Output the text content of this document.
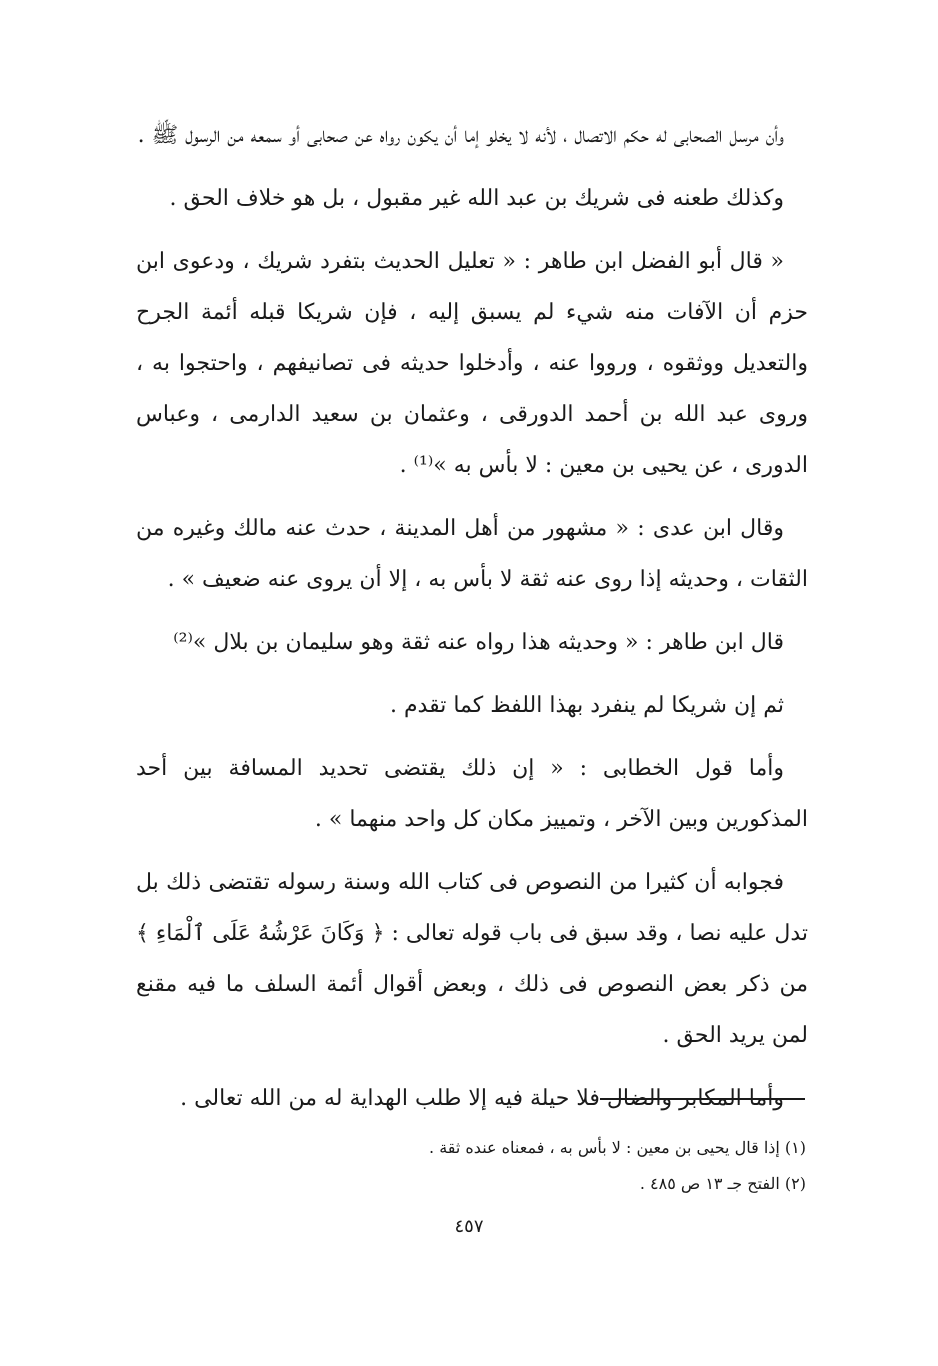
وأن مرسل الصحابى له حكم الاتصال ، لأنه لا يخلو إما أن يكون رواه عن صحابى أو سمعه من الرسول ﷺ .

وكذلك طعنه فى شريك بن عبد الله غير مقبول ، بل هو خلاف الحق .

« قال أبو الفضل ابن طاهر : « تعليل الحديث بتفرد شريك ، ودعوى ابن حزم أن الآفات منه شيء لم يسبق إليه ، فإن شريكا قبله أئمة الجرح والتعديل ووثقوه ، ورووا عنه ، وأدخلوا حديثه فى تصانيفهم ، واحتجوا به ، وروى عبد الله بن أحمد الدورقى ، وعثمان بن سعيد الدارمى ، وعباس الدورى ، عن يحيى بن معين : لا بأس به »⁽¹⁾ .

وقال ابن عدى : « مشهور من أهل المدينة ، حدث عنه مالك وغيره من الثقات ، وحديثه إذا روى عنه ثقة لا بأس به ، إلا أن يروى عنه ضعيف » .

قال ابن طاهر : « وحديثه هذا رواه عنه ثقة وهو سليمان بن بلال »⁽²⁾

ثم إن شريكا لم ينفرد بهذا اللفظ كما تقدم .

وأما قول الخطابى : « إن ذلك يقتضى تحديد المسافة بين أحد المذكورين وبين الآخر ، وتمييز مكان كل واحد منهما » .

فجوابه أن كثيرا من النصوص فى كتاب الله وسنة رسوله تقتضى ذلك بل تدل عليه نصا ، وقد سبق فى باب قوله تعالى : ﴿ وَكَانَ عَرْشُهُ عَلَى ٱلْمَاءِ ﴾ من ذكر بعض النصوص فى ذلك ، وبعض أقوال أئمة السلف ما فيه مقنع لمن يريد الحق .

وأما المكابر والضال فلا حيلة فيه إلا طلب الهداية له من الله تعالى .

(١) إذا قال يحيى بن معين : لا بأس به ، فمعناه عنده ثقة .

(٢) الفتح جـ ١٣ ص ٤٨٥ .

٤٥٧
